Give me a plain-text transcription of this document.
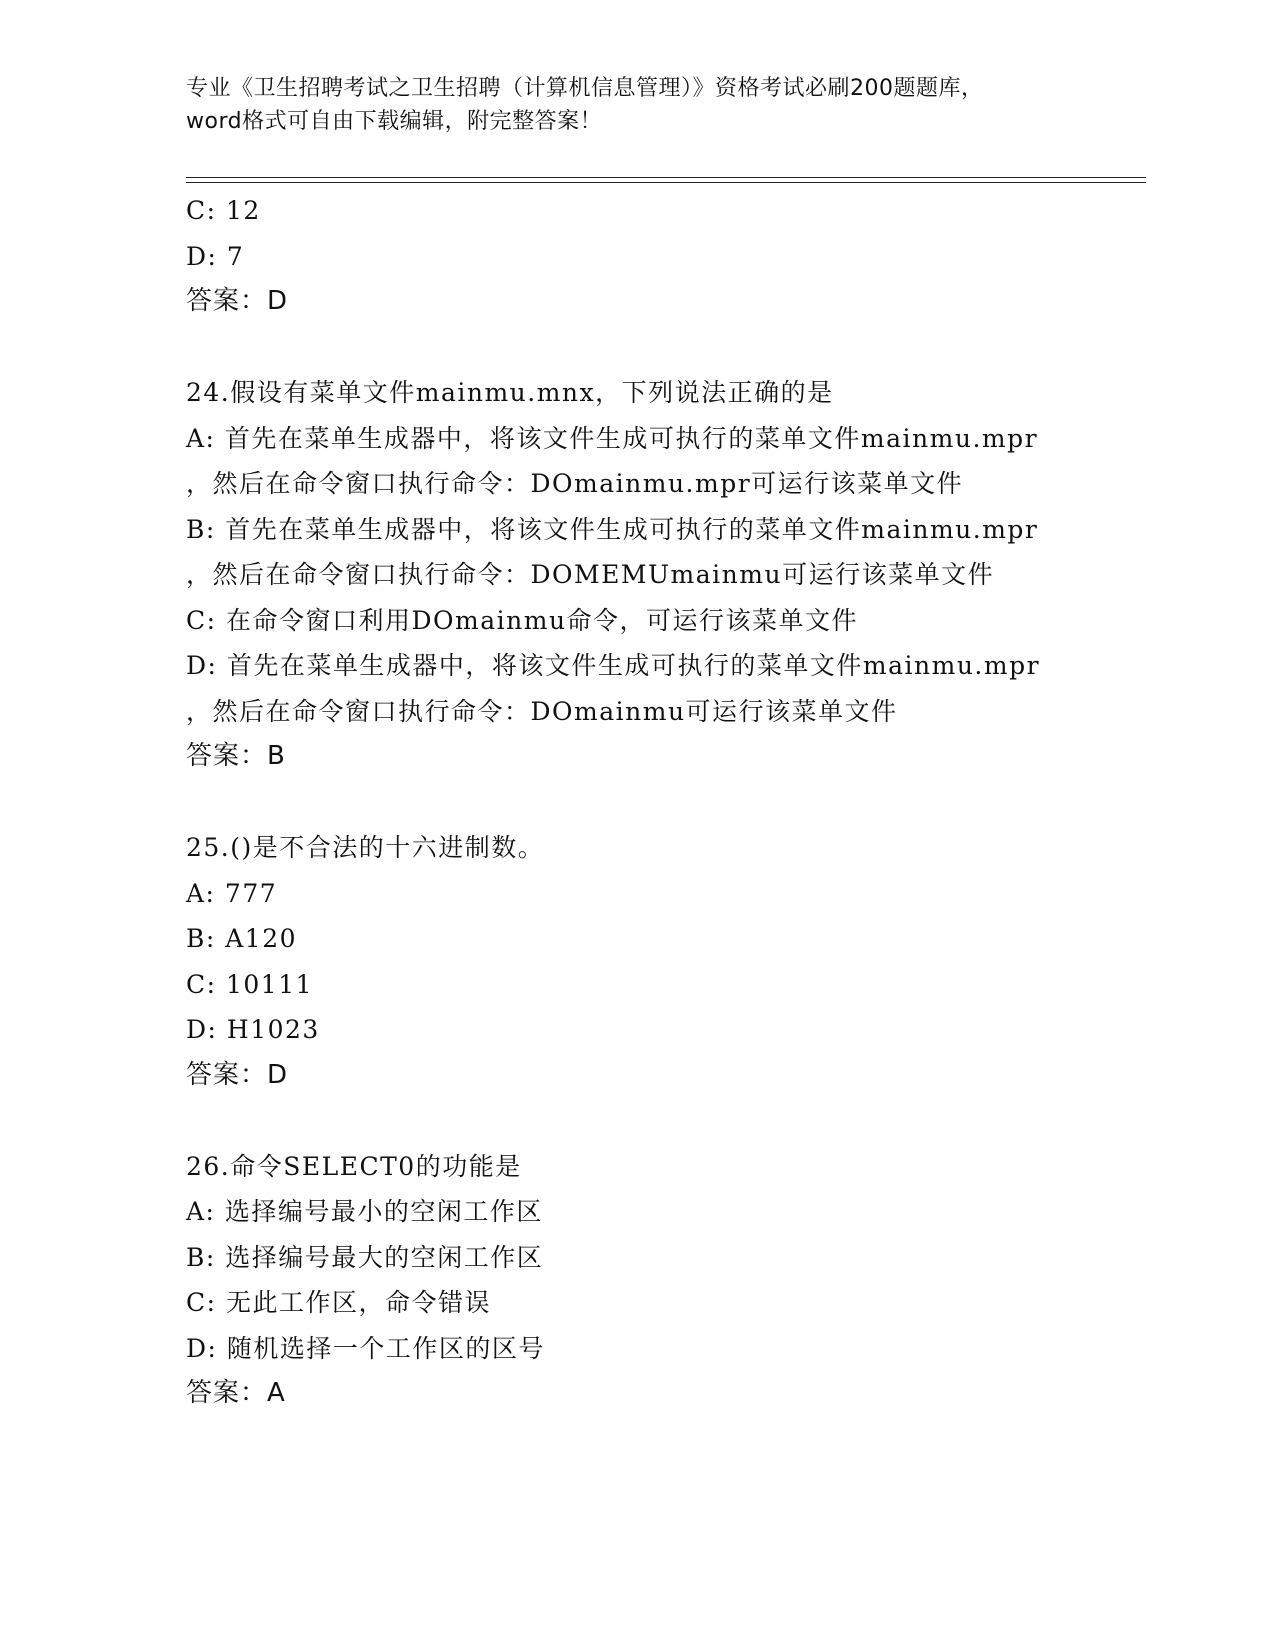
专业《卫生招聘考试之卫生招聘（计算机信息管理）》资格考试必刷200题题库，
word格式可自由下载编辑，附完整答案！
C: 12
D: 7
答案：D
24.假设有菜单文件mainmu.mnx，下列说法正确的是
A: 首先在菜单生成器中，将该文件生成可执行的菜单文件mainmu.mpr
，然后在命令窗口执行命令：DOmainmu.mpr可运行该菜单文件
B: 首先在菜单生成器中，将该文件生成可执行的菜单文件mainmu.mpr
，然后在命令窗口执行命令：DOMEMUmainmu可运行该菜单文件
C: 在命令窗口利用DOmainmu命令，可运行该菜单文件
D: 首先在菜单生成器中，将该文件生成可执行的菜单文件mainmu.mpr
，然后在命令窗口执行命令：DOmainmu可运行该菜单文件
答案：B
25.()是不合法的十六进制数。
A: 777
B: A120
C: 10111
D: H1023
答案：D
26.命令SELECT0的功能是
A: 选择编号最小的空闲工作区
B: 选择编号最大的空闲工作区
C: 无此工作区，命令错误
D: 随机选择一个工作区的区号
答案：A
